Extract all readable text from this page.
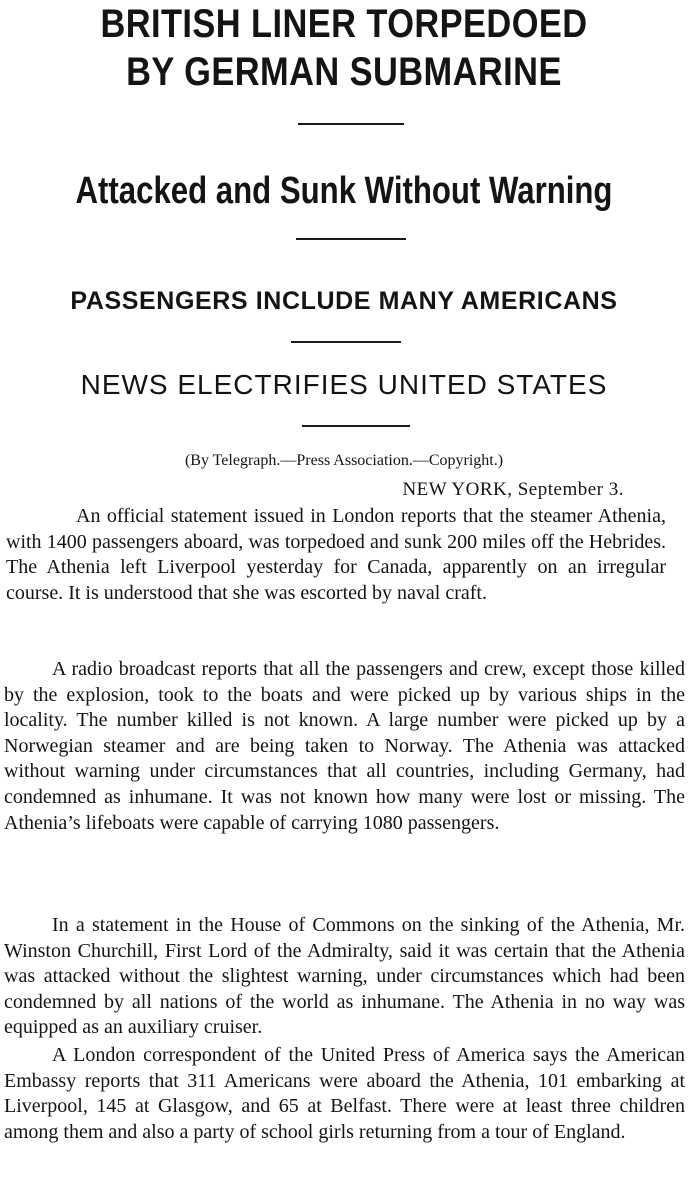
BRITISH LINER TORPEDOED
BY GERMAN SUBMARINE
Attacked and Sunk Without Warning
PASSENGERS INCLUDE MANY AMERICANS
NEWS ELECTRIFIES UNITED STATES

(By Telegraph.—Press Association.—Copyright.)

NEW YORK, September 3.

An official statement issued in London reports that the steamer Athenia, with 1400 passengers aboard, was torpedoed and sunk 200 miles off the Hebrides. The Athenia left Liverpool yesterday for Canada, apparently on an irregular course. It is understood that she was escorted by naval craft.

A radio broadcast reports that all the passengers and crew, except those killed by the explosion, took to the boats and were picked up by various ships in the locality. The number killed is not known. A large number were picked up by a Norwegian steamer and are being taken to Norway. The Athenia was attacked without warning under circumstances that all countries, including Germany, had condemned as inhumane. It was not known how many were lost or missing. The Athenia’s lifeboats were capable of carrying 1080 passengers.

In a statement in the House of Commons on the sinking of the Athenia, Mr. Winston Churchill, First Lord of the Admiralty, said it was certain that the Athenia was attacked without the slightest warning, under circumstances which had been condemned by all nations of the world as inhumane. The Athenia in no way was equipped as an auxiliary cruiser.

A London correspondent of the United Press of America says the American Embassy reports that 311 Americans were aboard the Athenia, 101 embarking at Liverpool, 145 at Glasgow, and 65 at Belfast. There were at least three children among them and also a party of school girls returning from a tour of England.
